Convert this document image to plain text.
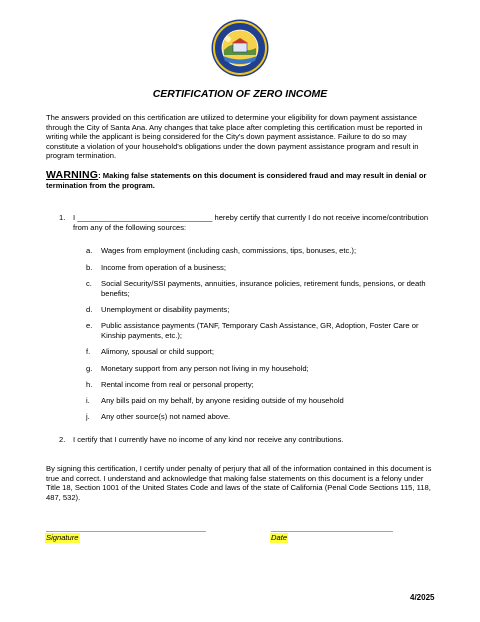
CERTIFICATION OF ZERO INCOME
The answers provided on this certification are utilized to determine your eligibility for down payment assistance through the City of Santa Ana. Any changes that take place after completing this certification must be reported in writing while the applicant is being considered for the City's down payment assistance. Failure to do so may constitute a violation of your household's obligations under the down payment assistance program and result in program termination.
WARNING: Making false statements on this document is considered fraud and may result in denial or termination from the program.
1. I ________________________________ hereby certify that currently I do not receive income/contribution from any of the following sources:
a. Wages from employment (including cash, commissions, tips, bonuses, etc.);
b. Income from operation of a business;
c. Social Security/SSI payments, annuities, insurance policies, retirement funds, pensions, or death benefits;
d. Unemployment or disability payments;
e. Public assistance payments (TANF, Temporary Cash Assistance, GR, Adoption, Foster Care or Kinship payments, etc.);
f. Alimony, spousal or child support;
g. Monetary support from any person not living in my household;
h. Rental income from real or personal property;
i. Any bills paid on my behalf, by anyone residing outside of my household
j. Any other source(s) not named above.
2. I certify that I currently have no income of any kind nor receive any contributions.
By signing this certification, I certify under penalty of perjury that all of the information contained in this document is true and correct. I understand and acknowledge that making false statements on this document is a felony under Title 18, Section 1001 of the United States Code and laws of the state of California (Penal Code Sections 115, 118, 487, 532).
Signature	Date
4/2025
